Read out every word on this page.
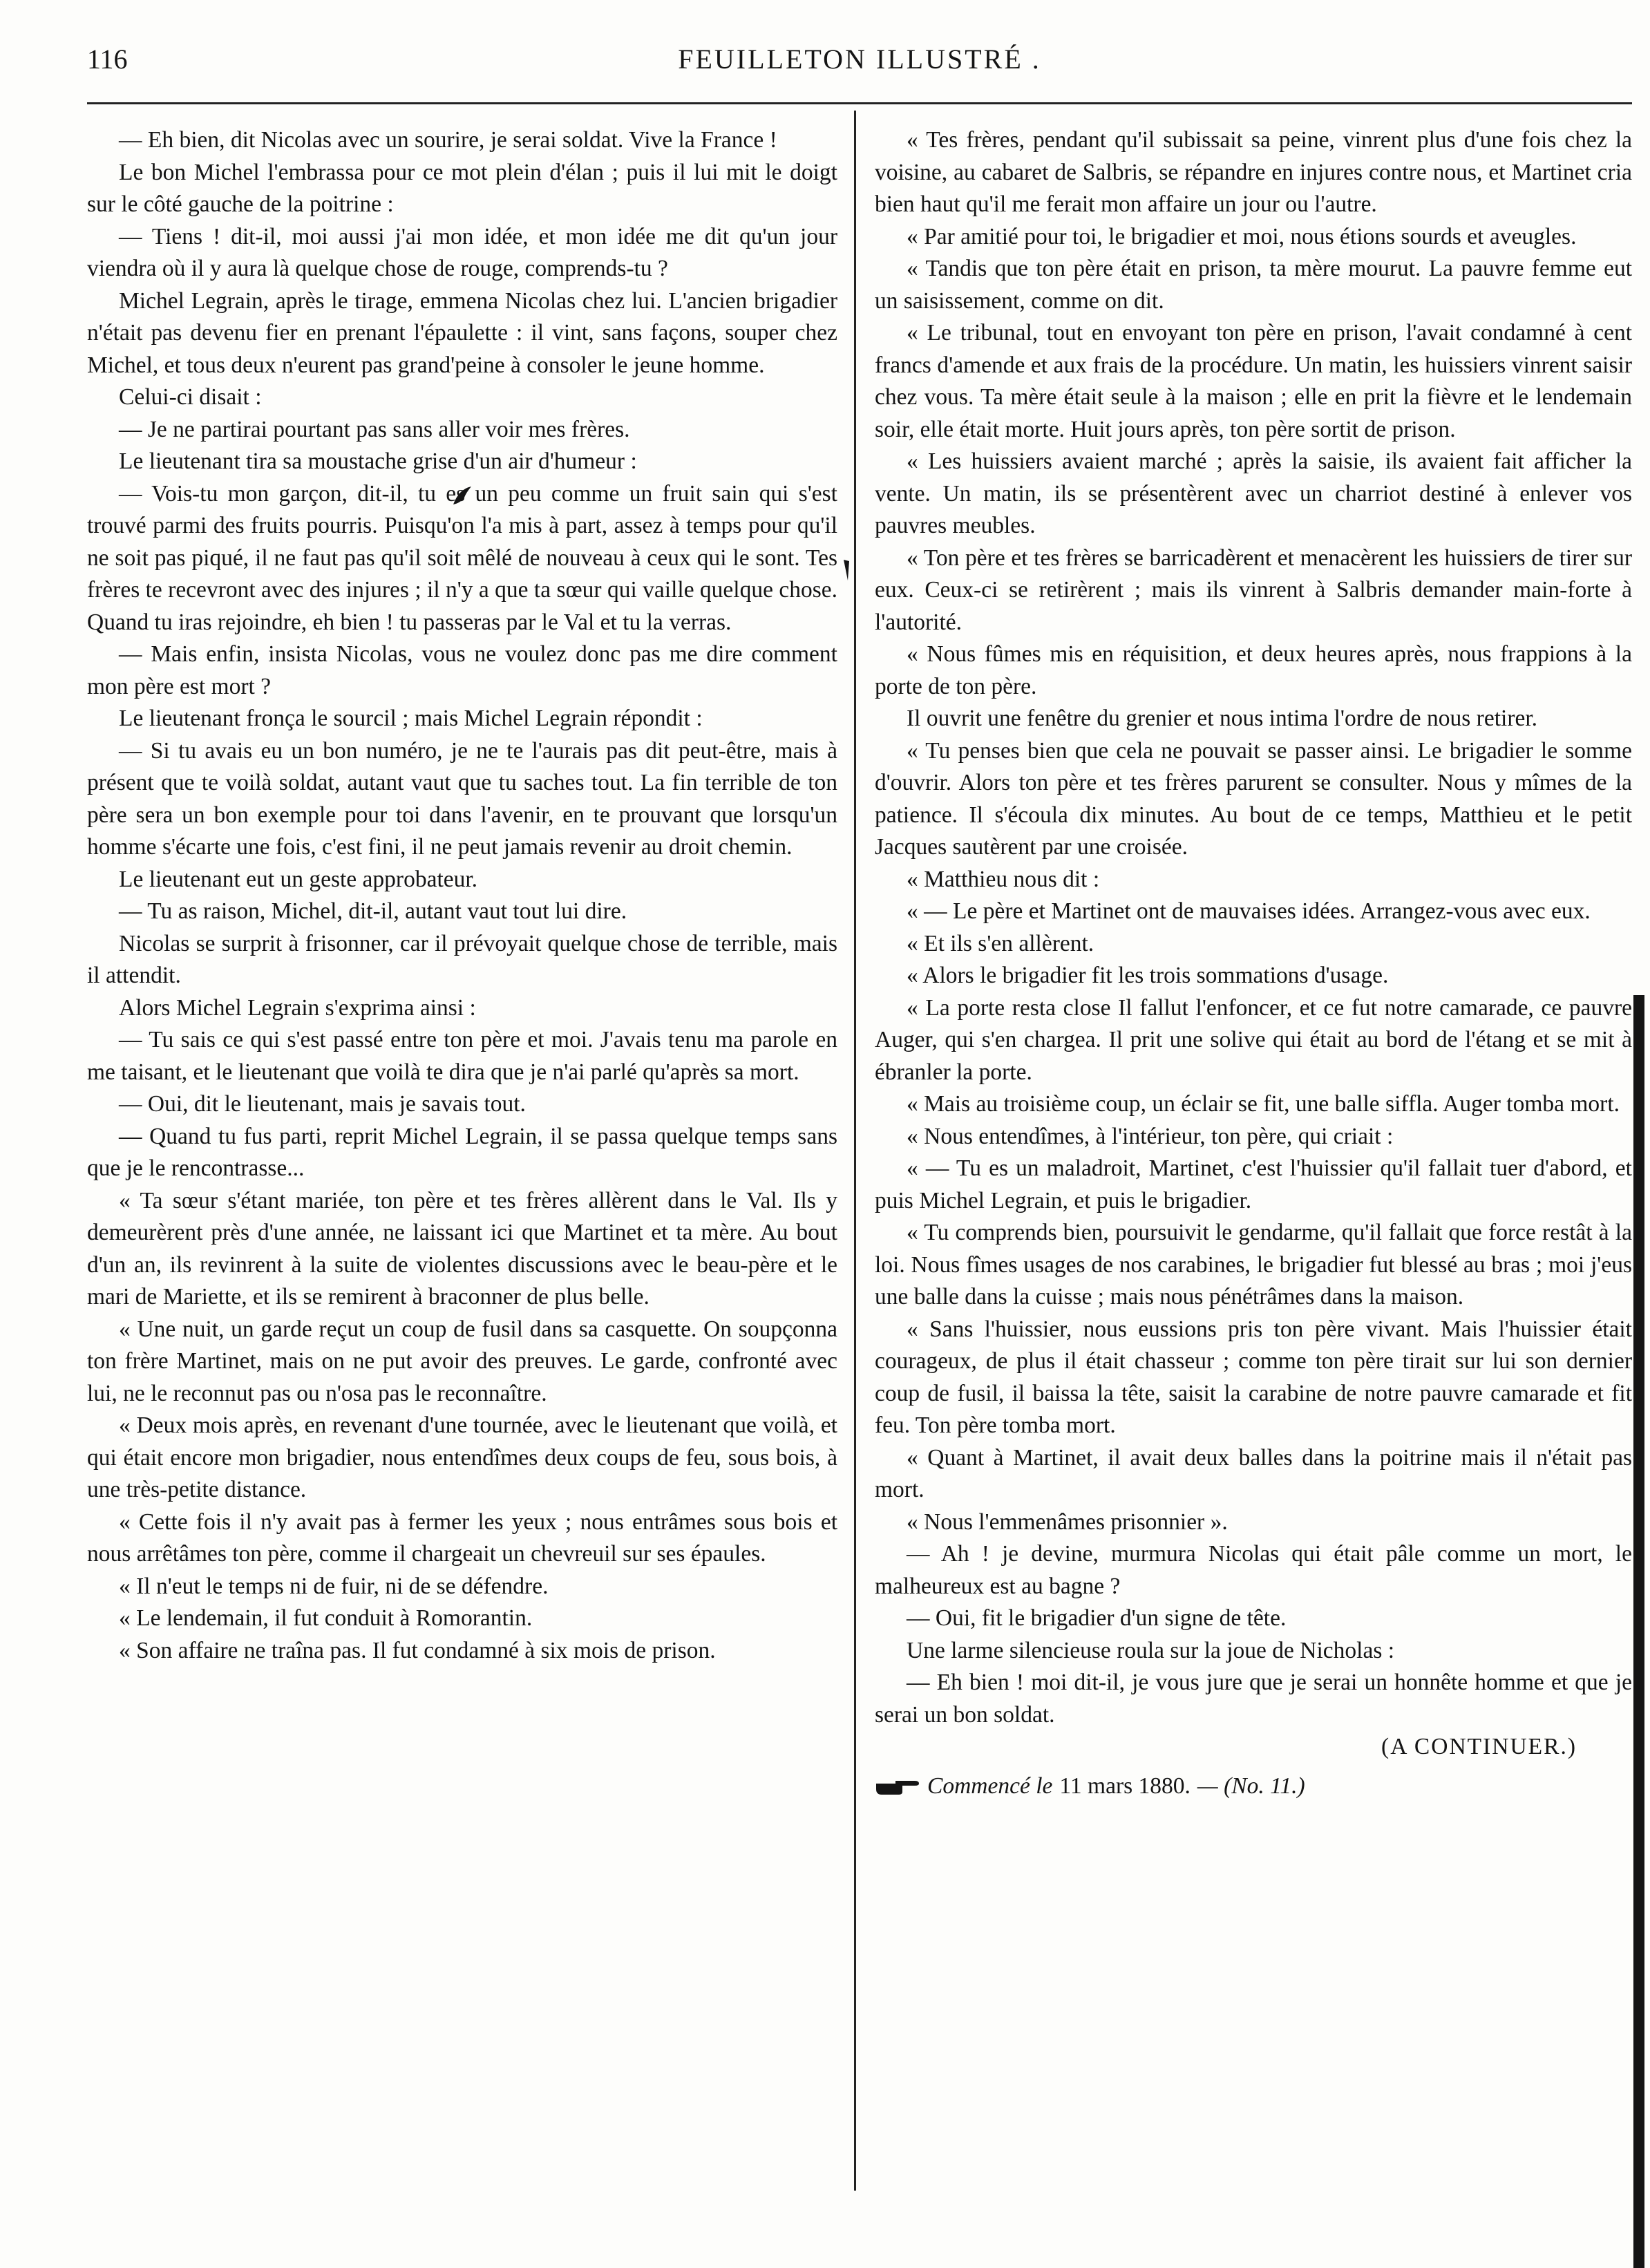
116	FEUILLETON ILLUSTRÉ .

— Eh bien, dit Nicolas avec un sourire, je serai soldat. Vive la France !

Le bon Michel l'embrassa pour ce mot plein d'élan ; puis il lui mit le doigt sur le côté gauche de la poitrine :

— Tiens ! dit-il, moi aussi j'ai mon idée, et mon idée me dit qu'un jour viendra où il y aura là quelque chose de rouge, comprends-tu ?

Michel Legrain, après le tirage, emmena Nicolas chez lui. L'ancien brigadier n'était pas devenu fier en prenant l'épaulette : il vint, sans façons, souper chez Michel, et tous deux n'eurent pas grand'peine à consoler le jeune homme.

Celui-ci disait :

— Je ne partirai pourtant pas sans aller voir mes frères.

Le lieutenant tira sa moustache grise d'un air d'humeur :

— Vois-tu mon garçon, dit-il, tu es un peu comme un fruit sain qui s'est trouvé parmi des fruits pourris. Puisqu'on l'a mis à part, assez à temps pour qu'il ne soit pas piqué, il ne faut pas qu'il soit mêlé de nouveau à ceux qui le sont. Tes frères te recevront avec des injures ; il n'y a que ta sœur qui vaille quelque chose. Quand tu iras rejoindre, eh bien ! tu passeras par le Val et tu la verras.

— Mais enfin, insista Nicolas, vous ne voulez donc pas me dire comment mon père est mort ?

Le lieutenant fronça le sourcil ; mais Michel Legrain répondit :

— Si tu avais eu un bon numéro, je ne te l'aurais pas dit peut-être, mais à présent que te voilà soldat, autant vaut que tu saches tout. La fin terrible de ton père sera un bon exemple pour toi dans l'avenir, en te prouvant que lorsqu'un homme s'écarte une fois, c'est fini, il ne peut jamais revenir au droit chemin.

Le lieutenant eut un geste approbateur.

— Tu as raison, Michel, dit-il, autant vaut tout lui dire.

Nicolas se surprit à frisonner, car il prévoyait quelque chose de terrible, mais il attendit.

Alors Michel Legrain s'exprima ainsi :

— Tu sais ce qui s'est passé entre ton père et moi. J'avais tenu ma parole en me taisant, et le lieutenant que voilà te dira que je n'ai parlé qu'après sa mort.

— Oui, dit le lieutenant, mais je savais tout.

— Quand tu fus parti, reprit Michel Legrain, il se passa quelque temps sans que je le rencontrasse...

« Ta sœur s'étant mariée, ton père et tes frères allèrent dans le Val. Ils y demeurèrent près d'une année, ne laissant ici que Martinet et ta mère. Au bout d'un an, ils revinrent à la suite de violentes discussions avec le beau-père et le mari de Mariette, et ils se remirent à braconner de plus belle.

« Une nuit, un garde reçut un coup de fusil dans sa casquette. On soupçonna ton frère Martinet, mais on ne put avoir des preuves. Le garde, confronté avec lui, ne le reconnut pas ou n'osa pas le reconnaître.

« Deux mois après, en revenant d'une tournée, avec le lieutenant que voilà, et qui était encore mon brigadier, nous entendîmes deux coups de feu, sous bois, à une très-petite distance.

« Cette fois il n'y avait pas à fermer les yeux ; nous entrâmes sous bois et nous arrêtâmes ton père, comme il chargeait un chevreuil sur ses épaules.

« Il n'eut le temps ni de fuir, ni de se défendre.

« Le lendemain, il fut conduit à Romorantin.

« Son affaire ne traîna pas. Il fut condamné à six mois de prison.

« Tes frères, pendant qu'il subissait sa peine, vinrent plus d'une fois chez la voisine, au cabaret de Salbris, se répandre en injures contre nous, et Martinet cria bien haut qu'il me ferait mon affaire un jour ou l'autre.

« Par amitié pour toi, le brigadier et moi, nous étions sourds et aveugles.

« Tandis que ton père était en prison, ta mère mourut. La pauvre femme eut un saisissement, comme on dit.

« Le tribunal, tout en envoyant ton père en prison, l'avait condamné à cent francs d'amende et aux frais de la procédure. Un matin, les huissiers vinrent saisir chez vous. Ta mère était seule à la maison ; elle en prit la fièvre et le lendemain soir, elle était morte. Huit jours après, ton père sortit de prison.

« Les huissiers avaient marché ; après la saisie, ils avaient fait afficher la vente. Un matin, ils se présentèrent avec un charriot destiné à enlever vos pauvres meubles.

« Ton père et tes frères se barricadèrent et menacèrent les huissiers de tirer sur eux. Ceux-ci se retirèrent ; mais ils vinrent à Salbris demander main-forte à l'autorité.

« Nous fûmes mis en réquisition, et deux heures après, nous frappions à la porte de ton père.

Il ouvrit une fenêtre du grenier et nous intima l'ordre de nous retirer.

« Tu penses bien que cela ne pouvait se passer ainsi. Le brigadier le somme d'ouvrir. Alors ton père et tes frères parurent se consulter. Nous y mîmes de la patience. Il s'écoula dix minutes. Au bout de ce temps, Matthieu et le petit Jacques sautèrent par une croisée.

« Matthieu nous dit :

« — Le père et Martinet ont de mauvaises idées. Arrangez-vous avec eux.

« Et ils s'en allèrent.

« Alors le brigadier fit les trois sommations d'usage.

« La porte resta close Il fallut l'enfoncer, et ce fut notre camarade, ce pauvre Auger, qui s'en chargea. Il prit une solive qui était au bord de l'étang et se mit à ébranler la porte.

« Mais au troisième coup, un éclair se fit, une balle siffla. Auger tomba mort.

« Nous entendîmes, à l'intérieur, ton père, qui criait :

« — Tu es un maladroit, Martinet, c'est l'huissier qu'il fallait tuer d'abord, et puis Michel Legrain, et puis le brigadier.

« Tu comprends bien, poursuivit le gendarme, qu'il fallait que force restât à la loi. Nous fîmes usages de nos carabines, le brigadier fut blessé au bras ; moi j'eus une balle dans la cuisse ; mais nous pénétrâmes dans la maison.

« Sans l'huissier, nous eussions pris ton père vivant. Mais l'huissier était courageux, de plus il était chasseur ; comme ton père tirait sur lui son dernier coup de fusil, il baissa la tête, saisit la carabine de notre pauvre camarade et fit feu. Ton père tomba mort.

« Quant à Martinet, il avait deux balles dans la poitrine mais il n'était pas mort.

« Nous l'emmenâmes prisonnier ».

— Ah ! je devine, murmura Nicolas qui était pâle comme un mort, le malheureux est au bagne ?

— Oui, fit le brigadier d'un signe de tête.

Une larme silencieuse roula sur la joue de Nicholas :

— Eh bien ! moi dit-il, je vous jure que je serai un honnête homme et que je serai un bon soldat.

(A CONTINUER.)
Commencé le 11 mars 1880. — (No. 11.)
